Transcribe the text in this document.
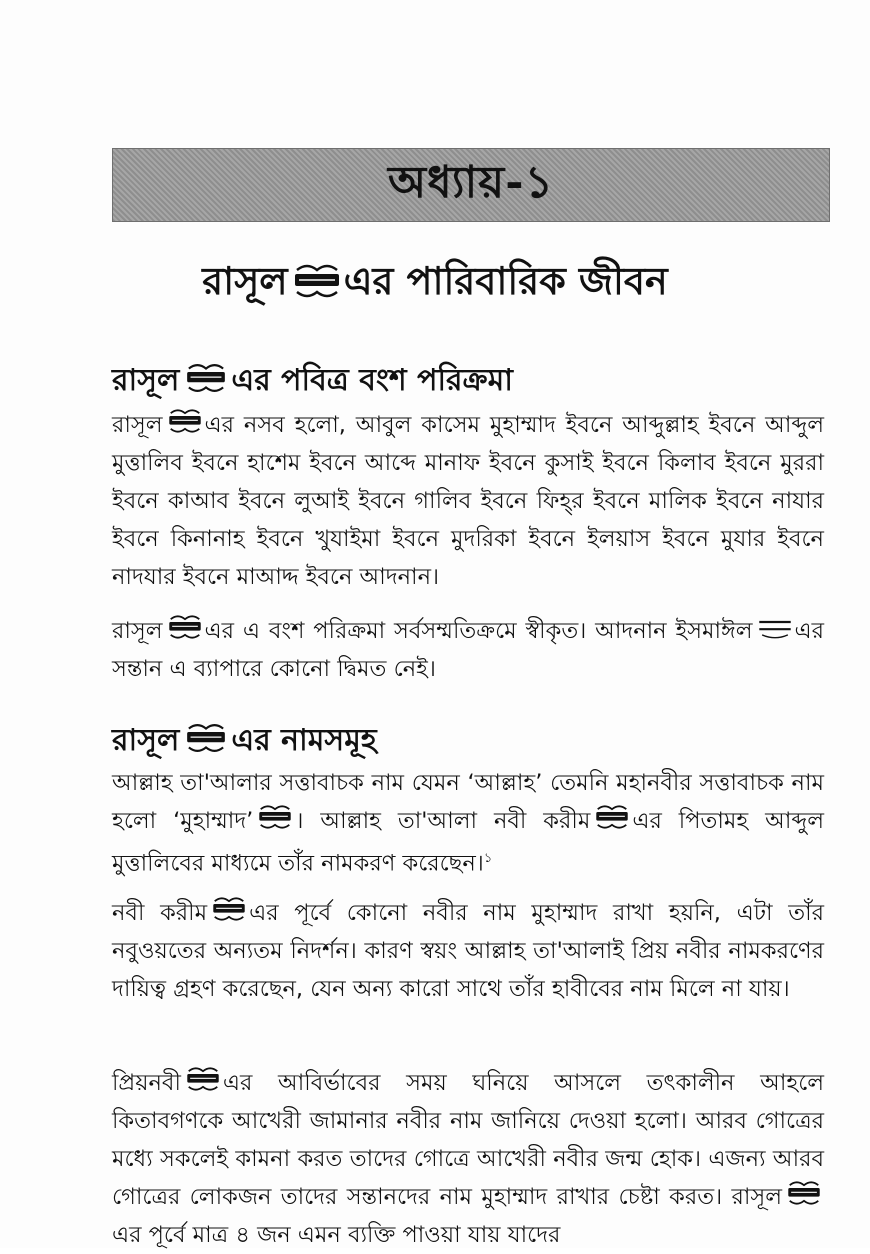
অধ্যায়-১
রাসূল এর পারিবারিক জীবন
রাসূল এর পবিত্র বংশ পরিক্রমা
রাসূল এর নসব হলো, আবুল কাসেম মুহাম্মাদ ইবনে আব্দুল্লাহ ইবনে আব্দুল মুত্তালিব ইবনে হাশেম ইবনে আব্দে মানাফ ইবনে কুসাই ইবনে কিলাব ইবনে মুররা ইবনে কাআব ইবনে লুআই ইবনে গালিব ইবনে ফিহ্‌র ইবনে মালিক ইবনে নাযার ইবনে কিনানাহ ইবনে খুযাইমা ইবনে মুদরিকা ইবনে ইলয়াস ইবনে মুযার ইবনে নাদযার ইবনে মাআদ্দ ইবনে আদনান।
রাসূল এর এ বংশ পরিক্রমা সর্বসম্মতিক্রমে স্বীকৃত। আদনান ইসমাঈল এর সন্তান এ ব্যাপারে কোনো দ্বিমত নেই।
রাসূল এর নামসমূহ
আল্লাহ তা'আলার সত্তাবাচক নাম যেমন ‘আল্লাহ’ তেমনি মহানবীর সত্তাবাচক নাম হলো ‘মুহাম্মাদ’ । আল্লাহ তা'আলা নবী করীম এর পিতামহ আব্দুল মুত্তালিবের মাধ্যমে তাঁর নামকরণ করেছেন।$^১$
নবী করীম এর পূর্বে কোনো নবীর নাম মুহাম্মাদ রাখা হয়নি, এটা তাঁর নবুওয়তের অন্যতম নিদর্শন। কারণ স্বয়ং আল্লাহ তা'আলাই প্রিয় নবীর নামকরণের দায়িত্ব গ্রহণ করেছেন, যেন অন্য কারো সাথে তাঁর হাবীবের নাম মিলে না যায়।
প্রিয়নবী এর আবির্ভাবের সময় ঘনিয়ে আসলে তৎকালীন আহলে কিতাবগণকে আখেরী জামানার নবীর নাম জানিয়ে দেওয়া হলো। আরব গোত্রের মধ্যে সকলেই কামনা করত তাদের গোত্রে আখেরী নবীর জন্ম হোক। এজন্য আরব গোত্রের লোকজন তাদের সন্তানদের নাম মুহাম্মাদ রাখার চেষ্টা করত। রাসূল
এর পূর্বে মাত্র ৪ জন এমন ব্যক্তি পাওয়া যায় যাদের
